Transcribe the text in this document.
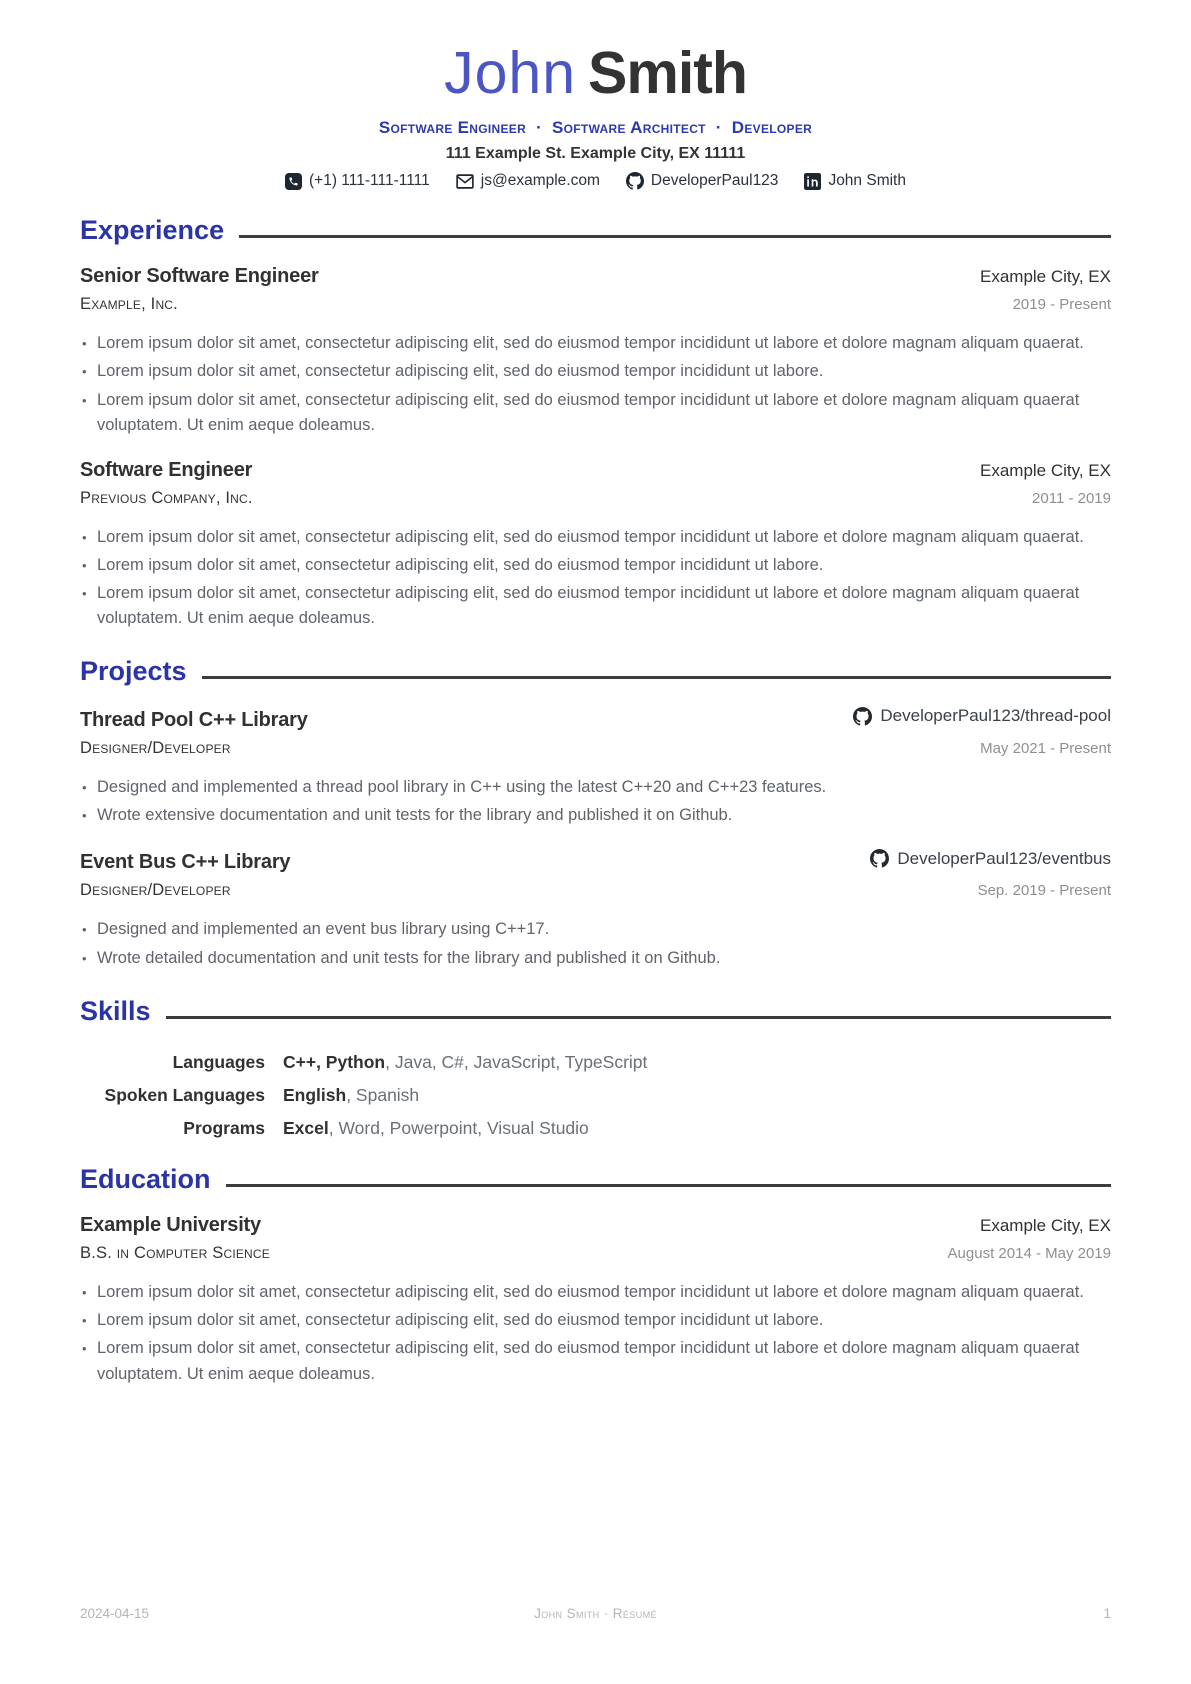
John Smith
Software Engineer · Software Architect · Developer
111 Example St. Example City, EX 11111
(+1) 111-111-1111	js@example.com	DeveloperPaul123	John Smith
Experience
Senior Software Engineer	Example City, EX
Example, Inc.	2019 - Present
• Lorem ipsum dolor sit amet, consectetur adipiscing elit, sed do eiusmod tempor incididunt ut labore et dolore magnam aliquam quaerat.
• Lorem ipsum dolor sit amet, consectetur adipiscing elit, sed do eiusmod tempor incididunt ut labore.
• Lorem ipsum dolor sit amet, consectetur adipiscing elit, sed do eiusmod tempor incididunt ut labore et dolore magnam aliquam quaerat voluptatem. Ut enim aeque doleamus.
Software Engineer	Example City, EX
Previous Company, Inc.	2011 - 2019
• Lorem ipsum dolor sit amet, consectetur adipiscing elit, sed do eiusmod tempor incididunt ut labore et dolore magnam aliquam quaerat.
• Lorem ipsum dolor sit amet, consectetur adipiscing elit, sed do eiusmod tempor incididunt ut labore.
• Lorem ipsum dolor sit amet, consectetur adipiscing elit, sed do eiusmod tempor incididunt ut labore et dolore magnam aliquam quaerat voluptatem. Ut enim aeque doleamus.
Projects
Thread Pool C++ Library	DeveloperPaul123/thread-pool
Designer/Developer	May 2021 - Present
• Designed and implemented a thread pool library in C++ using the latest C++20 and C++23 features.
• Wrote extensive documentation and unit tests for the library and published it on Github.
Event Bus C++ Library	DeveloperPaul123/eventbus
Designer/Developer	Sep. 2019 - Present
• Designed and implemented an event bus library using C++17.
• Wrote detailed documentation and unit tests for the library and published it on Github.
Skills
Languages C++, Python, Java, C#, JavaScript, TypeScript
Spoken Languages English, Spanish
Programs Excel, Word, Powerpoint, Visual Studio
Education
Example University	Example City, EX
B.S. in Computer Science	August 2014 - May 2019
• Lorem ipsum dolor sit amet, consectetur adipiscing elit, sed do eiusmod tempor incididunt ut labore et dolore magnam aliquam quaerat.
• Lorem ipsum dolor sit amet, consectetur adipiscing elit, sed do eiusmod tempor incididunt ut labore.
• Lorem ipsum dolor sit amet, consectetur adipiscing elit, sed do eiusmod tempor incididunt ut labore et dolore magnam aliquam quaerat voluptatem. Ut enim aeque doleamus.
2024-04-15	John Smith · Résumé	1
